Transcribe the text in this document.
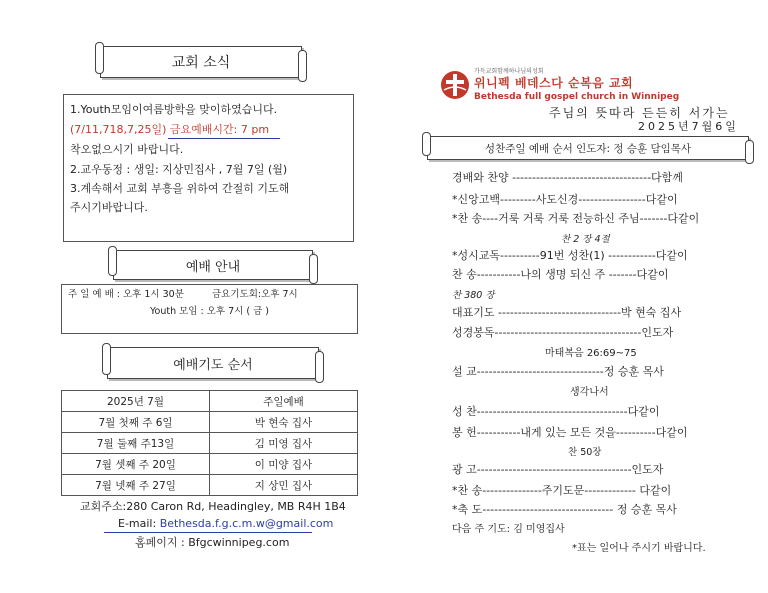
교회 소식
1.Youth모임이여름방학을 맞이하였습니다.
(7/11,718,7,25일) 금요예배시간: 7 pm
착오없으시기 바랍니다.
2.교우동정 : 생일: 지상민집사 , 7월 7일 (월)
3.계속해서 교회 부흥을 위하여 간절히 기도해
주시기바랍니다.
예배 안내
주 일 예 배 : 오후 1시 30분	금요기도회:오후 7시
Youth 모임 : 오후 7시 ( 금 )
예배기도 순서
2025년 7월	주일예배
7월 첫째 주 6일	박 현숙 집사
7월 둘째 주13일	김 미영 집사
7월 셋째 주 20일	이 미양 집사
7월 넷째 주 27일	지 상민 집사
교회주소:280 Caron Rd, Headingley, MB R4H 1B4
E-mail: Bethesda.f.g.c.m.w@gmail.com
홈페이지 : Bfgcwinnipeg.com
가득교회함께하나님의성회
위니펙 베데스다 순복음 교회
Bethesda full gospel church in Winnipeg
주님의 뜻따라 든든히 서가는
2025년7월6일
성찬주일 예배 순서 인도자: 정 승훈 담임목사
경배와 찬양 -----------------------------------다함께
*신앙고백---------사도신경-----------------다같이
*찬 송----거룩 거룩 거룩 전능하신 주님-------다같이
찬 2 장 4절
*성시교독----------91번 성찬(1) ------------다같이
찬 송-----------나의 생명 되신 주 -------다같이
찬 380 장
대표기도 -------------------------------박 현숙 집사
성경봉독-------------------------------------인도자
마태복음 26:69~75
설 교--------------------------------정 승훈 목사
생각나서
성 찬--------------------------------------다같이
봉 헌-----------내게 있는 모든 것을----------다같이
찬 50장
광 고---------------------------------------인도자
*찬 송---------------주기도문------------- 다같이
*축 도--------------------------------- 정 승훈 목사
다음 주 기도: 김 미영집사
*표는 일어나 주시기 바랍니다.
